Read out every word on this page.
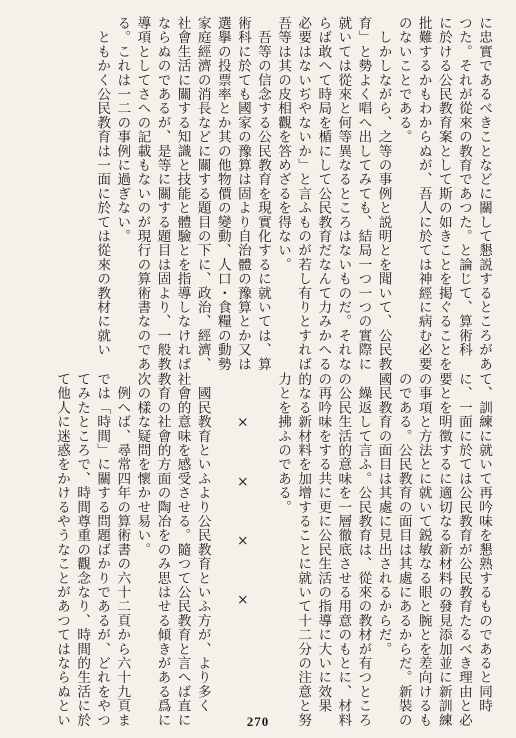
に忠實であるべきことなどに關して懇説するところがあ
つた。それが從來の教育であつた。と論じて、算術科
に於ける公民教育案として斯の如きことを掲ぐることを
批難するかもわからぬが、吾人に於ては神經に病む必要
のないことである。
　しかしながら、之等の事例と説明とを聞いて、公民教
育」と勢よく唱へ出してみても、結局一つ一つの實際に
就いては從來と何等異なるところはないものだ。それな
らば敢へて時局を楯にして公民教育だなんて力みかへる
必要はないぢやないか」と言ふものが若し有りとすれば
吾等は其の皮相觀を答めざるを得ない。
　吾等の信念する公民教育を現實化するに就いては、算
術科に於ても國家の豫算は固より自治體の豫算とか又は
選擧の投票率とか其の他物價の變動、人口・食糧の動勢
家庭經濟の消長などに關する題目の下に、政治、經濟、
社會生活に關する知識と技能と體驗とを指導しなければ
ならぬのであるが、是等に關する題目は固より、一般教
導項としてさへの記載もないのが現行の算術書なのであ
る。これは一二の事例に過ぎない。
　ともかく公民教育は一面に於ては從來の教材に就い
て、訓練に就いて再吟味を懇熟するものであると同時
に、一面に於ては公民教育が公民教育たるべき理由と必
要とを明徴するに適切なる新材料の發見添加並に新訓練
の事項と方法とに就いて鋭敏なる眼と腕とを差向けるも
のである。公民教育の面目は其處にあるからだ。新裝の
國民教育の面目は其處に見出されるからだ。
　繰返して言ふ。公民教育は、從來の教材が有つところ
の公民生活的意味を一層徹底させる用意のもとに、材料
の再吟味をする共に更に公民生活の指導に大いに效果
的なる新材料を加增することに就いて十二分の注意と努
力とを拂ふのである。
　　　×　　　×　　　×　　　×
　國民教育といふより公民教育といふ方が、より多く
社會的意味を感受させる。隨つて公民教育と言へば直に
教育の社會的方面の陶冶をのみ思はせる傾きがある爲に
次の樣な疑問を懷かせ易い。
　例へば、尋常四年の算術書の六十二頁から六十九頁ま
では「時間」に關する問題ばかりであるが、どれをやつ
てみたところで、時間尊重の觀念なり、時間的生活に於
て他人に迷惑をかけるやうなことがあつてはならぬとい	270
